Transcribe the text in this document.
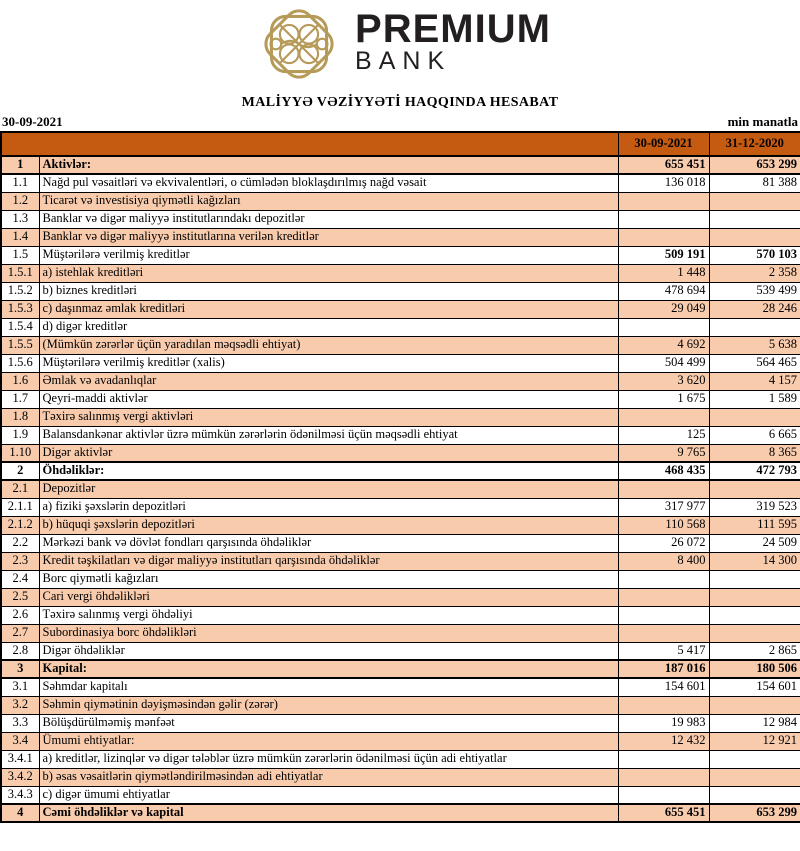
PREMIUM
BANK
MALİYYƏ VƏZİYYƏTİ HAQQINDA HESABAT
30-09-2021	min manatla
		30-09-2021	31-12-2020
1	Aktivlər:	655 451	653 299
1.1	Nağd pul vəsaitləri və ekvivalentləri, o cümlədən bloklaşdırılmış nağd vəsait	136 018	81 388
1.2	Ticarət və investisiya qiymətli kağızları		
1.3	Banklar və digər maliyyə institutlarındakı depozitlər		
1.4	Banklar və digər maliyyə institutlarına verilən kreditlər		
1.5	Müştərilərə verilmiş kreditlər	509 191	570 103
1.5.1	a) istehlak kreditləri	1 448	2 358
1.5.2	b) biznes kreditləri	478 694	539 499
1.5.3	c) daşınmaz əmlak kreditləri	29 049	28 246
1.5.4	d) digər kreditlər		
1.5.5	(Mümkün zərərlər üçün yaradılan məqsədli ehtiyat)	4 692	5 638
1.5.6	Müştərilərə verilmiş kreditlər (xalis)	504 499	564 465
1.6	Əmlak və avadanlıqlar	3 620	4 157
1.7	Qeyri-maddi aktivlər	1 675	1 589
1.8	Təxirə salınmış vergi aktivləri		
1.9	Balansdankənar aktivlər üzrə mümkün zərərlərin ödənilməsi üçün məqsədli ehtiyat	125	6 665
1.10	Digər aktivlər	9 765	8 365
2	Öhdəliklər:	468 435	472 793
2.1	Depozitlər		
2.1.1	a) fiziki şəxslərin depozitləri	317 977	319 523
2.1.2	b) hüquqi şəxslərin depozitləri	110 568	111 595
2.2	Mərkəzi bank və dövlət fondları qarşısında öhdəliklər	26 072	24 509
2.3	Kredit təşkilatları və digər maliyyə institutları qarşısında öhdəliklər	8 400	14 300
2.4	Borc qiymətli kağızları		
2.5	Cari vergi öhdəlikləri		
2.6	Təxirə salınmış vergi öhdəliyi		
2.7	Subordinasiya borc öhdəlikləri		
2.8	Digər öhdəliklər	5 417	2 865
3	Kapital:	187 016	180 506
3.1	Səhmdar kapitalı	154 601	154 601
3.2	Səhmin qiymətinin dəyişməsindən gəlir (zərər)		
3.3	Bölüşdürülməmiş mənfəət	19 983	12 984
3.4	Ümumi ehtiyatlar:	12 432	12 921
3.4.1	a) kreditlər, lizinqlər və digər tələblər üzrə mümkün zərərlərin ödənilməsi üçün adi ehtiyatlar		
3.4.2	b) əsas vəsaitlərin qiymətləndirilməsindən adi ehtiyatlar		
3.4.3	c) digər ümumi ehtiyatlar		
4	Cəmi öhdəliklər və kapital	655 451	653 299
